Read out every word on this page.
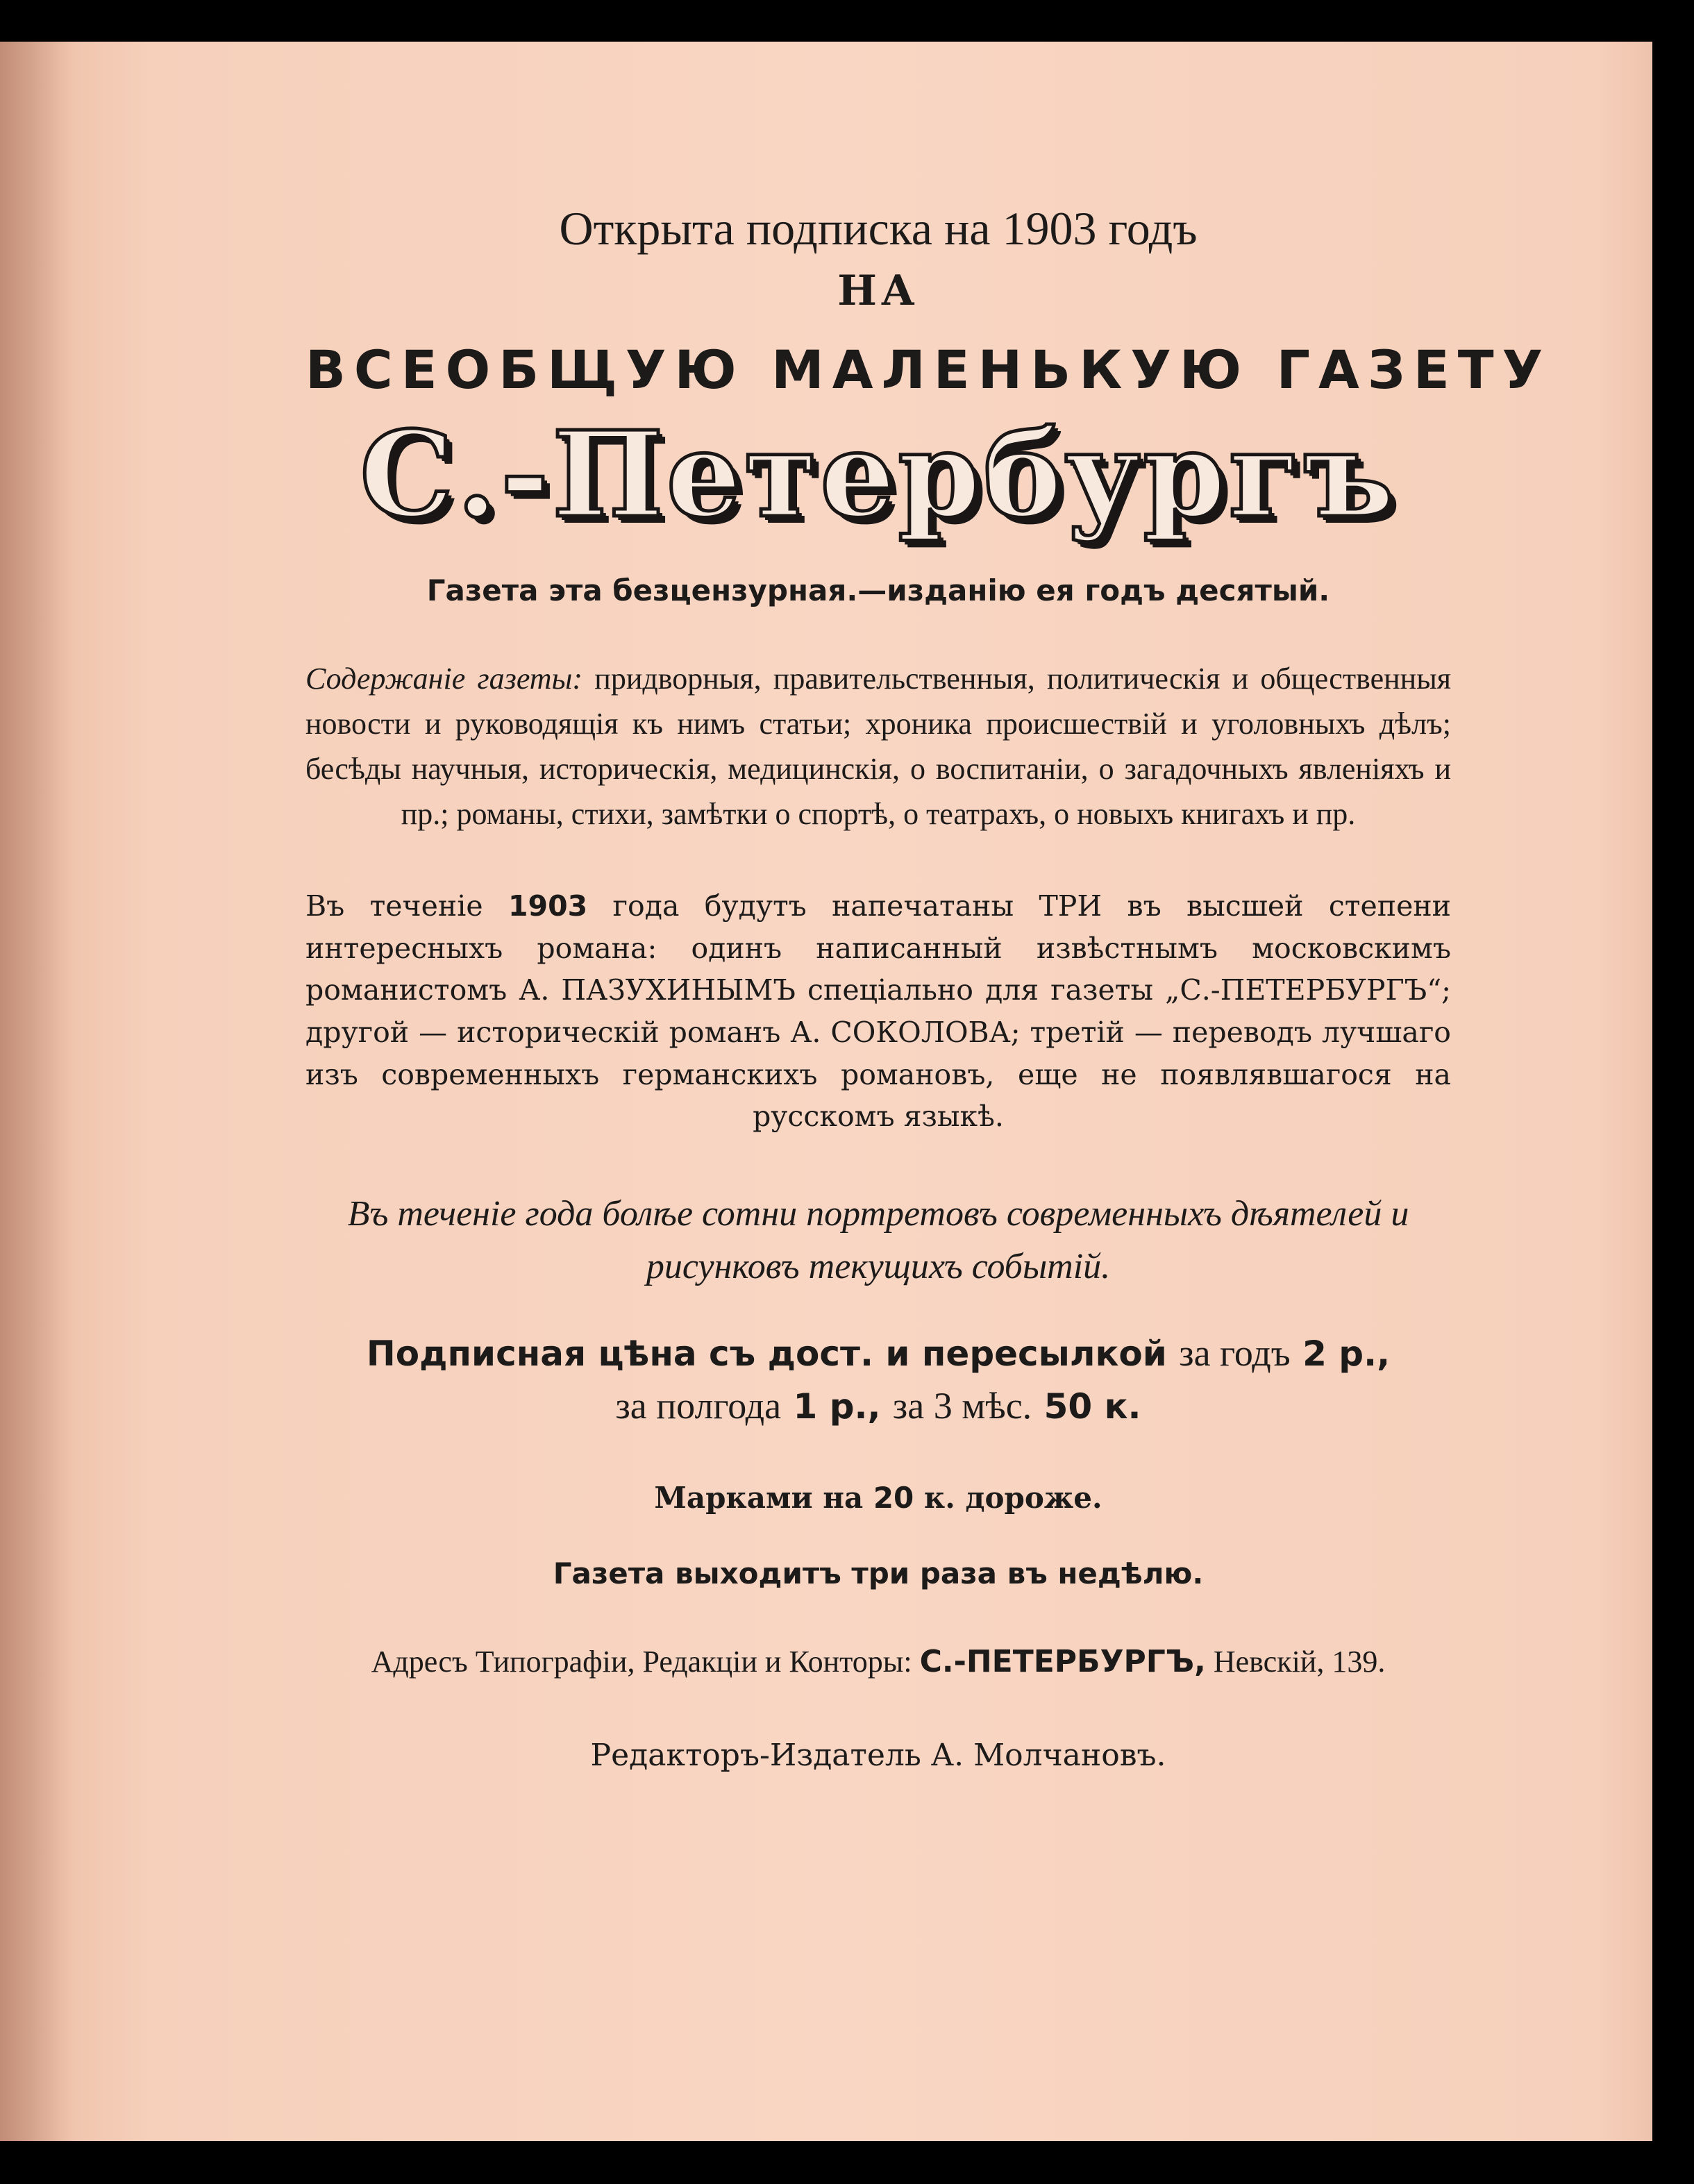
Открыта подписка на 1903 годъ
НА
ВСЕОБЩУЮ МАЛЕНЬКУЮ ГАЗЕТУ
С.-Петербургъ
Газета эта безцензурная.—изданію ея годъ десятый.
Содержаніе газеты: придворныя, правительственныя, политическія и общественныя новости и руководящія къ нимъ статьи; хроника происшествій и уголовныхъ дѣлъ; бесѣды научныя, историческія, медицинскія, о воспитаніи, о загадочныхъ явленіяхъ и пр.; романы, стихи, замѣтки о спортѣ, о театрахъ, о новыхъ книгахъ и пр.
Въ теченіе 1903 года будутъ напечатаны ТРИ въ высшей степени интересныхъ романа: одинъ написанный извѣстнымъ московскимъ романистомъ А. ПАЗУХИНЫМЪ спеціально для газеты „С.-ПЕТЕРБУРГЪ“; другой — историческій романъ А. СОКОЛОВА; третій — переводъ лучшаго изъ современныхъ германскихъ романовъ, еще не появлявшагося на русскомъ языкѣ.
Въ теченіе года болѣе сотни портретовъ современныхъ дѣятелей и рисунковъ текущихъ событій.
Подписная цѣна съ дост. и пересылкой за годъ 2 р.,
за полгода 1 р., за 3 мѣс. 50 к.
Марками на 20 к. дороже.
Газета выходитъ три раза въ недѣлю.
Адресъ Типографіи, Редакціи и Конторы: С.-ПЕТЕРБУРГЪ, Невскій, 139.
Редакторъ-Издатель А. Молчановъ.
